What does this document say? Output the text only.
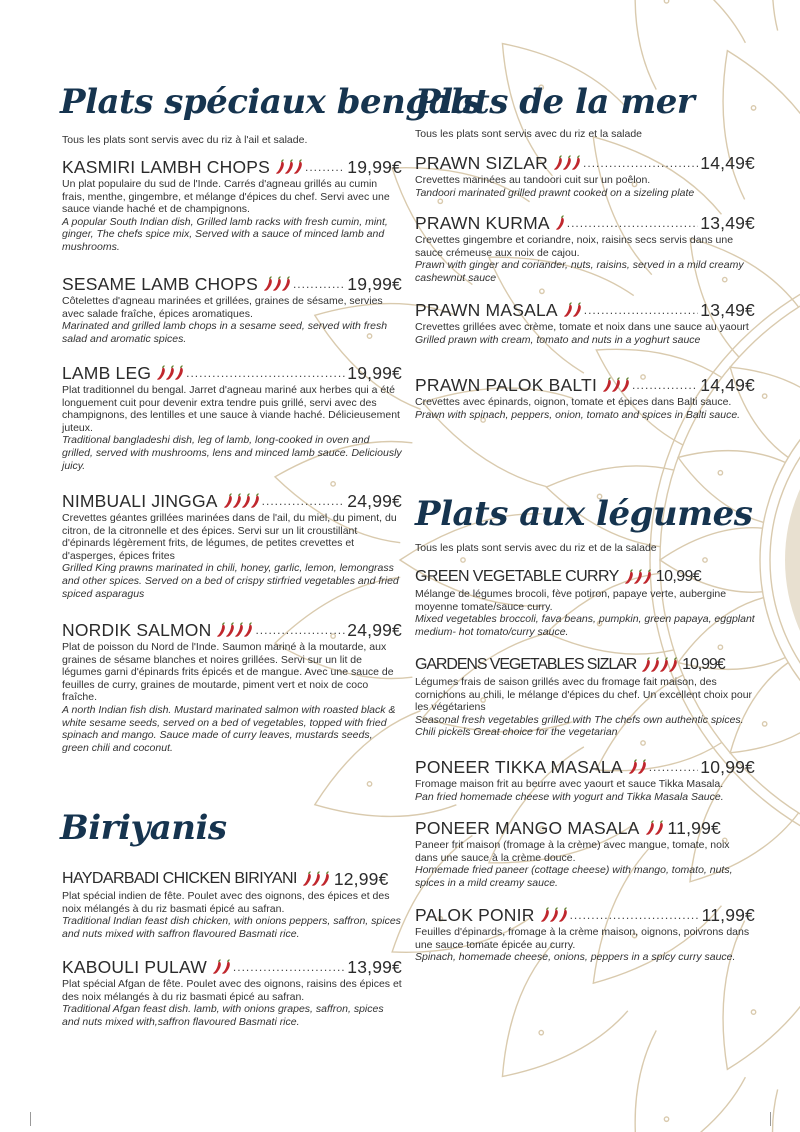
Plats spéciaux bengals

Tous les plats sont servis avec du riz à l'ail et salade.

KASMIRI LAMBH CHOPS .....	19,99€

Un plat populaire du sud de l'Inde. Carrés d'agneau grillés au cumin frais, menthe, gingembre, et mélange d'épices du chef. Servi avec une sauce viande haché et de champignons.

A popular South Indian dish, Grilled lamb racks with fresh cumin, mint, ginger, The chefs spice mix, Served with a sauce of minced lamb and mushrooms.

SESAME LAMB CHOPS .....	19,99€

Côtelettes d'agneau marinées et grillées, graines de sésame, servies avec salade fraîche, épices aromatiques.

Marinated and grilled lamb chops in a sesame seed, served with fresh salad and aromatic spices.

LAMB LEG .....	19,99€

Plat traditionnel du bengal. Jarret d'agneau mariné aux herbes qui a été longuement cuit pour devenir extra tendre puis grillé, servi avec des champignons, des lentilles et une sauce à viande haché. Délicieusement juteux.

Traditional bangladeshi dish, leg of lamb, long-cooked in oven and grilled, served with mushrooms, lens and minced lamb sauce. Deliciously juicy.

NIMBUALI JINGGA .....	24,99€

Crevettes géantes grillées marinées dans de l'ail, du miel, du piment, du citron, de la citronnelle et des épices. Servi sur un lit croustillant d'épinards légèrement frits, de légumes, de petites crevettes et d'asperges, épices frites

Grilled King prawns marinated in chili, honey, garlic, lemon, lemongrass and other spices. Served on a bed of crispy stirfried vegetables and fried spiced asparagus

NORDIK SALMON .....	24,99€

Plat de poisson du Nord de l'Inde. Saumon mariné à la moutarde, aux graines de sésame blanches et noires grillées. Servi sur un lit de légumes garni d'épinards frits épicés et de mangue. Avec une sauce de feuilles de curry, graines de moutarde, piment vert et noix de coco fraîche.

A north Indian fish dish. Mustard marinated salmon with roasted black & white sesame seeds, served on a bed of vegetables, topped with fried spinach and mango. Sauce made of curry leaves, mustards seeds, green chili and coconut.

Biriyanis
HAYDARBADI CHICKEN BIRIYANI 12,99€

Plat spécial indien de fête. Poulet avec des oignons, des épices et des noix mélangés à du riz basmati épicé au safran.

Traditional Indian feast dish chicken, with onions peppers, saffron, spices and nuts mixed with saffron flavoured Basmati rice.

KABOULI PULAW .....	13,99€

Plat spécial Afgan de fête. Poulet avec des oignons, raisins des épices et des noix mélangés à du riz basmati épicé au safran.

Traditional Afgan feast dish. lamb, with onions grapes, saffron, spices and nuts mixed with,saffron flavoured Basmati rice.

Plats de la mer

Tous les plats sont servis avec du riz et la salade

PRAWN SIZLAR .....	14,49€

Crevettes marinées au tandoori cuit sur un poêlon.

Tandoori marinated grilled prawnt cooked on a sizeling plate

PRAWN KURMA .....	13,49€

Crevettes gingembre et coriandre, noix, raisins secs servis dans une sauce crémeuse aux noix de cajou.

Prawn with ginger and coriander, nuts, raisins, served in a mild creamy cashewnut sauce

PRAWN MASALA .....	13,49€

Crevettes grillées avec crème, tomate et noix dans une sauce au yaourt

Grilled prawn with cream, tomato and nuts in a yoghurt sauce

PRAWN PALOK BALTI .....	14,49€

Crevettes avec épinards, oignon, tomate et épices dans Balti sauce.

Prawn with spinach, peppers, onion, tomato and spices in Balti sauce.

Plats aux légumes

Tous les plats sont servis avec du riz et de la salade

GREEN VEGETABLE CURRY 10,99€

Mélange de légumes brocoli, fève potiron, papaye verte, aubergine moyenne tomate/sauce curry.

Mixed vegetables broccoli, fava beans, pumpkin, green papaya, eggplant medium- hot tomato/curry sauce.

GARDENS VEGETABLES SIZLAR	10,99€

Légumes frais de saison grillés avec du fromage fait maison, des cornichons au chili, le mélange d'épices du chef. Un excellent choix pour les végétariens

Seasonal fresh vegetables grilled with The chefs own authentic spices. Chili pickels Great choice for the vegetarian

PONEER TIKKA MASALA .....	10,99€

Fromage maison frit au beurre avec yaourt et sauce Tikka Masala.

Pan fried homemade cheese with yogurt and Tikka Masala Sauce.

PONEER MANGO MASALA 11,99€

Paneer frit maison (fromage à la crème) avec mangue, tomate, noix dans une sauce à la crème douce.

Homemade fried paneer (cottage cheese) with mango, tomato, nuts, spices in a mild creamy sauce.

PALOK PONIR .....	11,99€

Feuilles d'épinards, fromage à la crème maison, oignons, poivrons dans une sauce tomate épicée au curry.

Spinach, homemade cheese, onions, peppers in a spicy curry sauce.
